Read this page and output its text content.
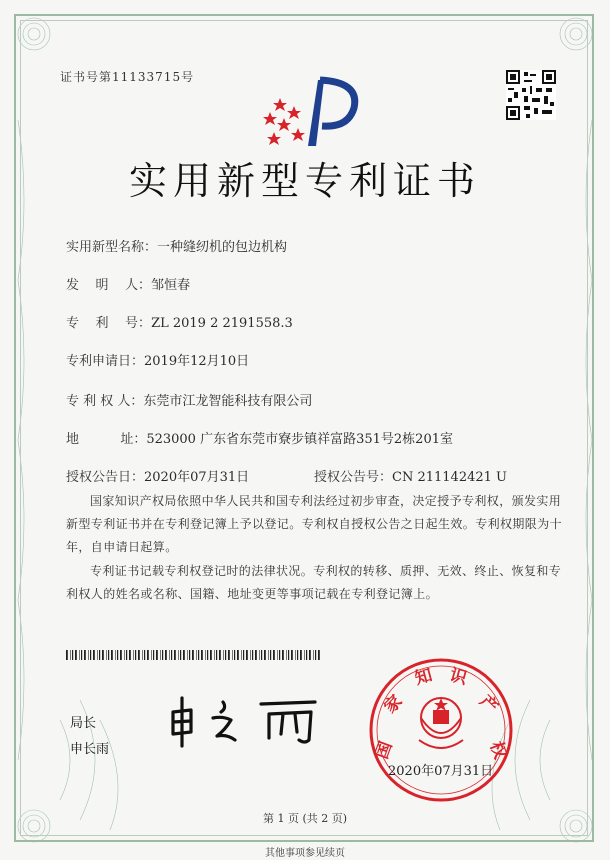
证书号第11133715号
实用新型专利证书
实用新型名称：一种缝纫机的包边机构
发    明    人：邹恒春
专    利    号：ZL 2019 2 2191558.3
专利申请日：2019年12月10日
专 利 权 人：东莞市江龙智能科技有限公司
地          址：523000 广东省东莞市寮步镇祥富路351号2栋201室
授权公告日：2020年07月31日	授权公告号：CN 211142421 U
国家知识产权局依照中华人民共和国专利法经过初步审查，决定授予专利权，颁发实用新型专利证书并在专利登记簿上予以登记。专利权自授权公告之日起生效。专利权期限为十年，自申请日起算。
专利证书记载专利权登记时的法律状况。专利权的转移、质押、无效、终止、恢复和专利权人的姓名或名称、国籍、地址变更等事项记载在专利登记簿上。
局长
申长雨	国
家
知 识
产
权
2020年07月31日
第 1 页 (共 2 页)
其他事项参见续页
